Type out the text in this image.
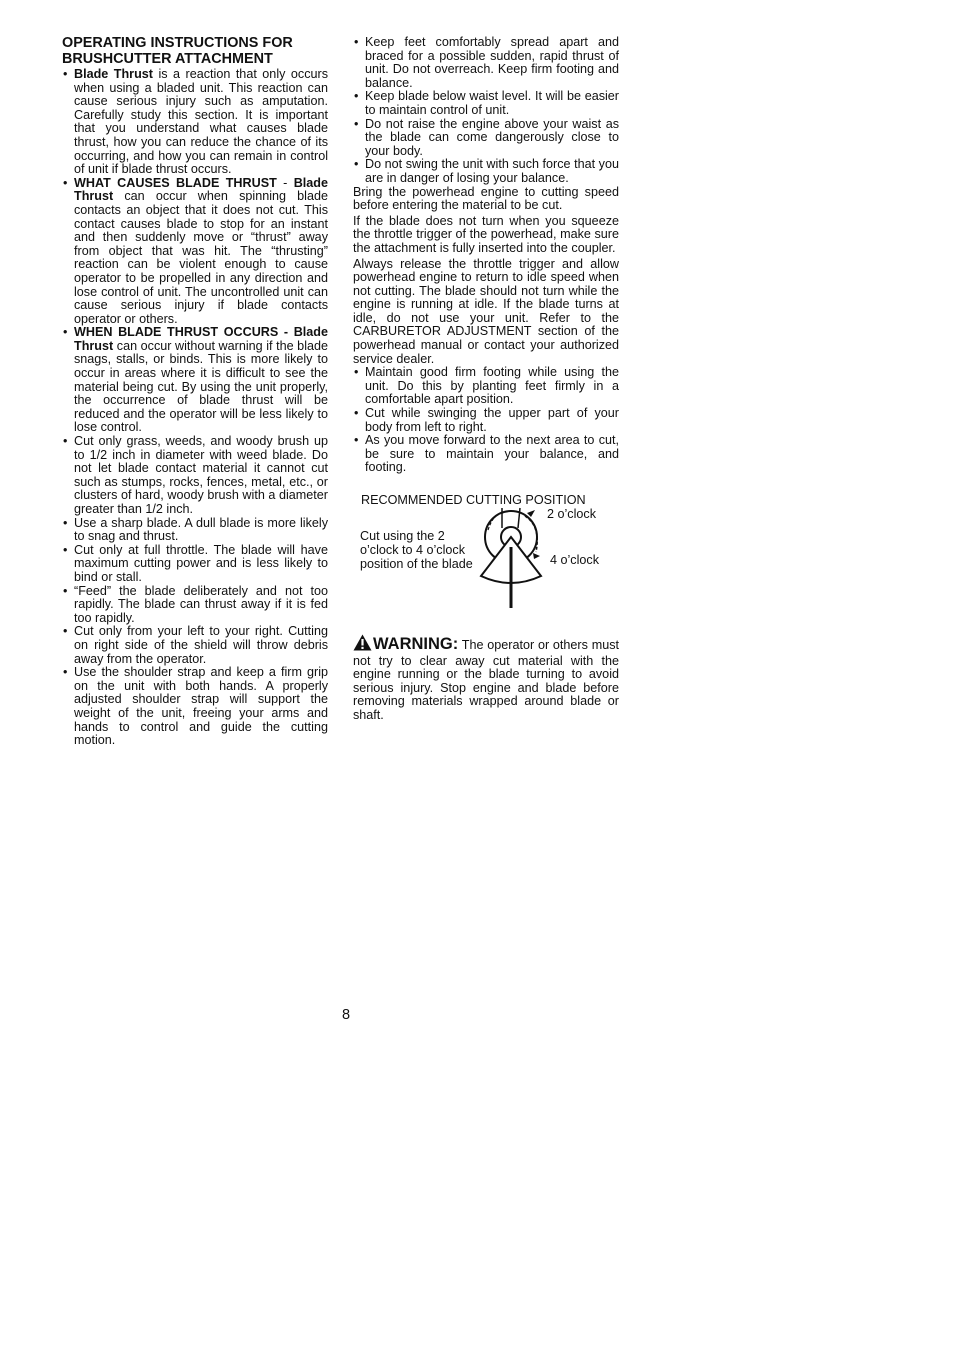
OPERATING INSTRUCTIONS FOR
BRUSHCUTTER ATTACHMENT
• Blade Thrust is a reaction that only occurs when using a bladed unit. This reaction can cause serious injury such as amputation. Carefully study this section. It is important that you understand what causes blade thrust, how you can reduce the chance of its occurring, and how you can remain in control of unit if blade thrust occurs.
• WHAT CAUSES BLADE THRUST - Blade Thrust can occur when spinning blade contacts an object that it does not cut. This contact causes blade to stop for an instant and then suddenly move or “thrust” away from object that was hit. The “thrusting” reaction can be violent enough to cause operator to be propelled in any direction and lose control of unit. The uncontrolled unit can cause serious injury if blade contacts operator or others.
• WHEN BLADE THRUST OCCURS - Blade Thrust can occur without warning if the blade snags, stalls, or binds. This is more likely to occur in areas where it is difficult to see the material being cut. By using the unit properly, the occurrence of blade thrust will be reduced and the operator will be less likely to lose control.
• Cut only grass, weeds, and woody brush up to 1/2 inch in diameter with weed blade. Do not let blade contact material it cannot cut such as stumps, rocks, fences, metal, etc., or clusters of hard, woody brush with a diameter greater than 1/2 inch.
• Use a sharp blade. A dull blade is more likely to snag and thrust.
• Cut only at full throttle. The blade will have maximum cutting power and is less likely to bind or stall.
• “Feed” the blade deliberately and not too rapidly. The blade can thrust away if it is fed too rapidly.
• Cut only from your left to your right. Cutting on right side of the shield will throw debris away from the operator.
• Use the shoulder strap and keep a firm grip on the unit with both hands. A properly adjusted shoulder strap will support the weight of the unit, freeing your arms and hands to control and guide the cutting motion.
• Keep feet comfortably spread apart and braced for a possible sudden, rapid thrust of unit. Do not overreach. Keep firm footing and balance.
• Keep blade below waist level. It will be easier to maintain control of unit.
• Do not raise the engine above your waist as the blade can come dangerously close to your body.
• Do not swing the unit with such force that you are in danger of losing your balance.

Bring the powerhead engine to cutting speed before entering the material to be cut.

If the blade does not turn when you squeeze the throttle trigger of the powerhead, make sure the attachment is fully inserted into the coupler.

Always release the throttle trigger and allow powerhead engine to return to idle speed when not cutting. The blade should not turn while the engine is running at idle. If the blade turns at idle, do not use your unit. Refer to the CARBURETOR ADJUSTMENT section of the powerhead manual or contact your authorized service dealer.

• Maintain good firm footing while using the unit. Do this by planting feet firmly in a comfortable apart position.
• Cut while swinging the upper part of your body from left to right.
• As you move forward to the next area to cut, be sure to maintain your balance, and footing.
RECOMMENDED CUTTING POSITION
2 o’clock
Cut using the 2 o’clock to 4 o’clock position of the blade	4 o’clock
WARNING: The operator or others must not try to clear away cut material with the engine running or the blade turning to avoid serious injury. Stop engine and blade before removing materials wrapped around blade or shaft.
8
